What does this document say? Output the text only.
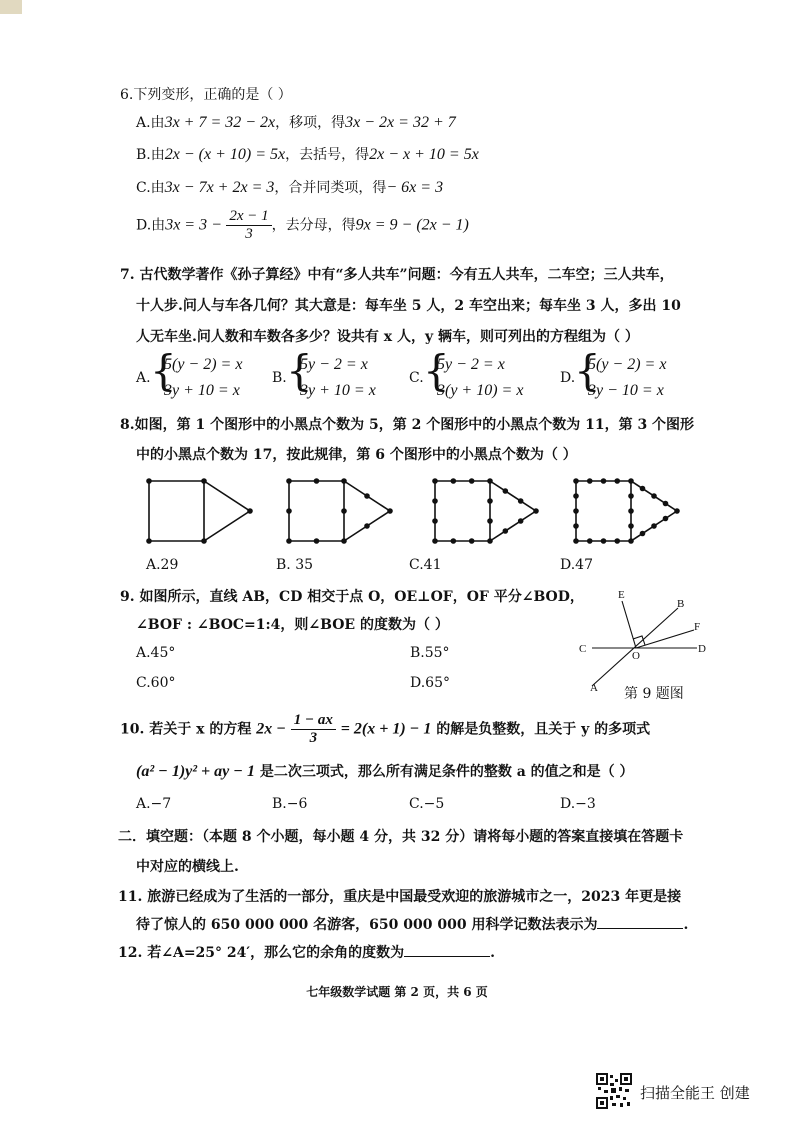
6.下列变形，正确的是（ ）
A.由3x + 7 = 32 − 2x，移项，得3x − 2x = 32 + 7
B.由2x − (x + 10) = 5x，去括号，得2x − x + 10 = 5x
C.由3x − 7x + 2x = 3，合并同类项，得− 6x = 3
D.由$3x = 3 - \frac{2x - 1}{3}$ ，去分母，得9x = 9 − (2x − 1)
7. 古代数学著作《孙子算经》中有“多人共车”问题：今有五人共车，二车空；三人共车，
十人步.问人与车各几何？其大意是：每车坐 5 人，2 车空出来；每车坐 3 人，多出 10
人无车坐.问人数和车数各多少？设共有 x 人，y 辆车，则可列出的方程组为（ ）
A. {
5(y − 2) = x
3y + 10 = x
B. {
5y − 2 = x
3y + 10 = x
C. {
5y − 2 = x
3(y + 10) = x
D.
{
5(y − 2) = x
3y − 10 = x
8.如图，第 1 个图形中的小黑点个数为 5，第 2 个图形中的小黑点个数为 11，第 3 个图形
中的小黑点个数为 17，按此规律，第 6 个图形中的小黑点个数为（ ）
A.29	B. 35	C.41	D.47
9. 如图所示，直线 AB，CD 相交于点 O，OE⊥OF，OF 平分∠BOD，
∠BOF : ∠BOC=1:4，则∠BOE 的度数为（ ）
A.45°	B.55°
C.60°	D.65°
E
B
F
C
O
D
A 第 9 题图
10. 若关于 x 的方程 $2x - \frac{1 - ax}{3} = 2(x + 1) - 1$ 的解是负整数，且关于 y 的多项式
(a² − 1)y² + ay − 1 是二次三项式，那么所有满足条件的整数 a 的值之和是（ ）
A.−7	B.−6	C.−5	D.−3
二．填空题：（本题 8 个小题，每小题 4 分，共 32 分）请将每小题的答案直接填在答题卡
中对应的横线上.
11. 旅游已经成为了生活的一部分，重庆是中国最受欢迎的旅游城市之一，2023 年更是接
待了惊人的 650 000 000 名游客，650 000 000 用科学记数法表示为	.
12. 若∠A=25° 24′，那么它的余角的度数为	.
七年级数学试题 第 2 页，共 6 页
扫描全能王 创建
